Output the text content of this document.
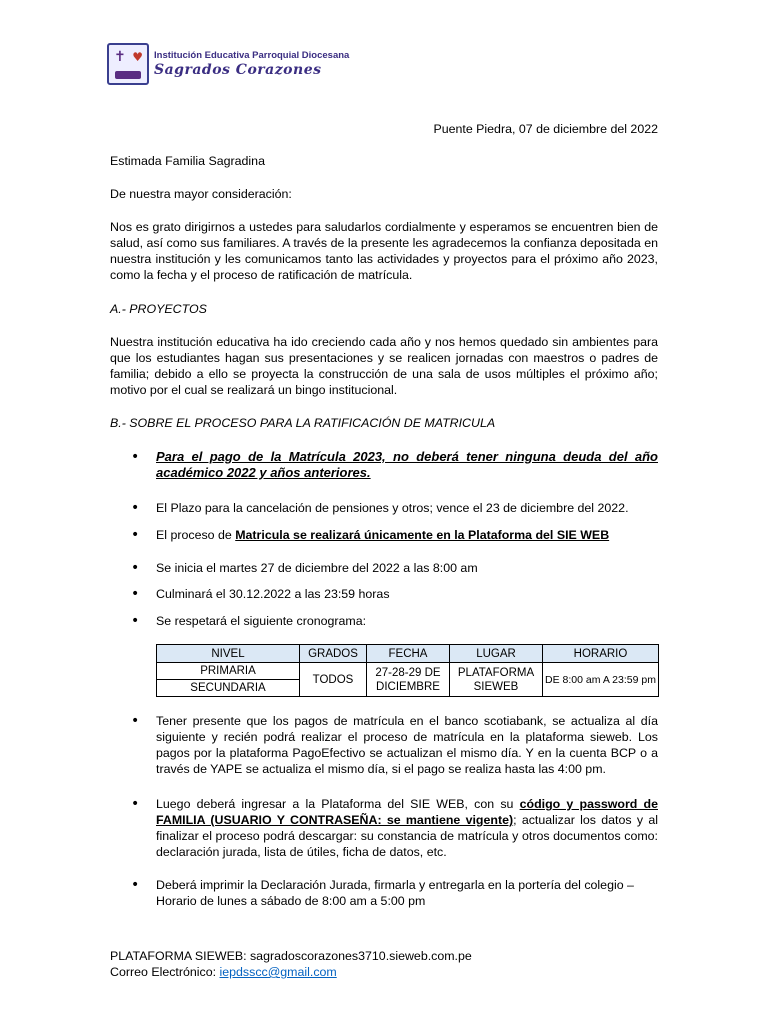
✝ ♥ Institución Educativa Parroquial Diocesana
Sagrados Corazones
Puente Piedra, 07 de diciembre del 2022
Estimada Familia Sagradina
De nuestra mayor consideración:
Nos es grato dirigirnos a ustedes para saludarlos cordialmente y esperamos se encuentren bien de salud, así como sus familiares. A través de la presente les agradecemos la confianza depositada en nuestra institución y les comunicamos tanto las actividades y proyectos para el próximo año 2023, como la fecha y el proceso de ratificación de matrícula.
A.- PROYECTOS
Nuestra institución educativa ha ido creciendo cada año y nos hemos quedado sin ambientes para que los estudiantes hagan sus presentaciones y se realicen jornadas con maestros o padres de familia; debido a ello se proyecta la construcción de una sala de usos múltiples el próximo año; motivo por el cual se realizará un bingo institucional.
B.- SOBRE EL PROCESO PARA LA RATIFICACIÓN DE MATRICULA
• Para el pago de la Matrícula 2023, no deberá tener ninguna deuda del año académico 2022 y años anteriores.
• El Plazo para la cancelación de pensiones y otros; vence el 23 de diciembre del 2022.
• El proceso de Matricula se realizará únicamente en la Plataforma del SIE WEB
• Se inicia el martes 27 de diciembre del 2022 a las 8:00 am
• Culminará el 30.12.2022 a las 23:59 horas
• Se respetará el siguiente cronograma:
NIVEL	GRADOS	FECHA	LUGAR	HORARIO
PRIMARIA	TODOS	27-28-29 DE DICIEMBRE	PLATAFORMA SIEWEB	DE 8:00 am A 23:59 pm
SECUNDARIA				
• Tener presente que los pagos de matrícula en el banco scotiabank, se actualiza al día siguiente y recién podrá realizar el proceso de matrícula en la plataforma sieweb. Los pagos por la plataforma PagoEfectivo se actualizan el mismo día. Y en la cuenta BCP o a través de YAPE se actualiza el mismo día, si el pago se realiza hasta las 4:00 pm.
• Luego deberá ingresar a la Plataforma del SIE WEB, con su código y password de FAMILIA (USUARIO Y CONTRASEÑA: se mantiene vigente); actualizar los datos y al finalizar el proceso podrá descargar: su constancia de matrícula y otros documentos como: declaración jurada, lista de útiles, ficha de datos, etc.
• Deberá imprimir la Declaración Jurada, firmarla y entregarla en la portería del colegio – Horario de lunes a sábado de 8:00 am a 5:00 pm
PLATAFORMA SIEWEB: sagradoscorazones3710.sieweb.com.pe
Correo Electrónico: iepdsscc@gmail.com
